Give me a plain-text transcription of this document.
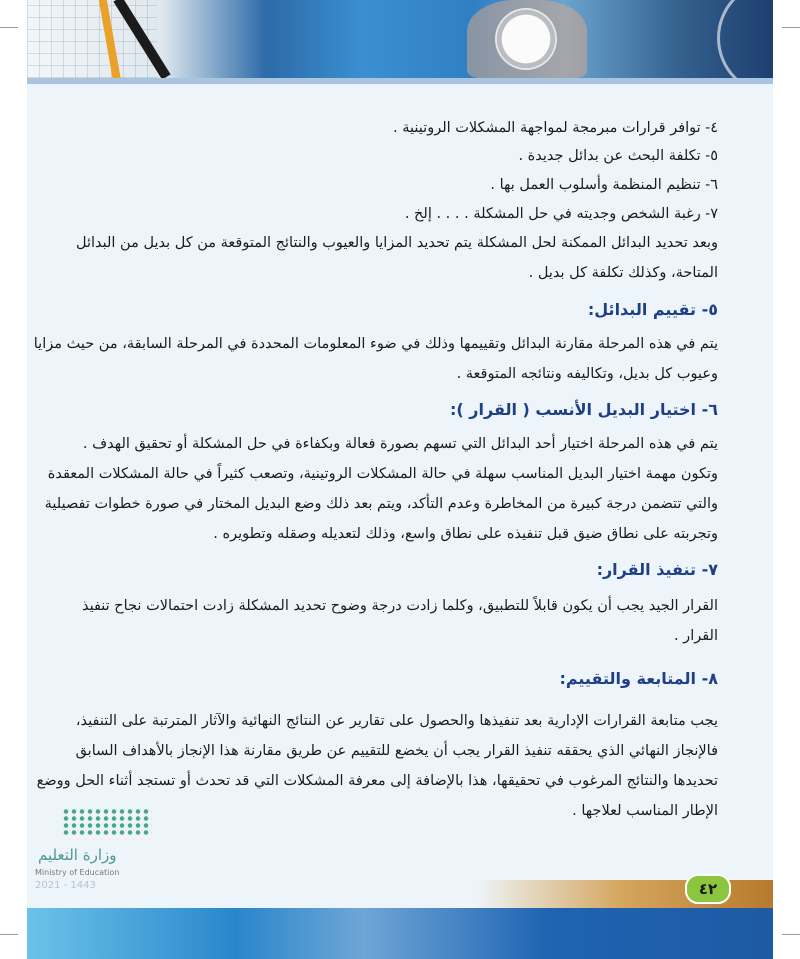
٤- توافر قرارات مبرمجة لمواجهة المشكلات الروتينية .
٥- تكلفة البحث عن بدائل جديدة .
٦- تنظيم المنظمة وأسلوب العمل بها .
٧- رغبة الشخص وجديته في حل المشكلة . . . . إلخ .
وبعد تحديد البدائل الممكنة لحل المشكلة يتم تحديد المزايا والعيوب والنتائج المتوقعة من كل بديل من البدائل
المتاحة، وكذلك تكلفة كل بديل .
٥- تقييم البدائل:
يتم في هذه المرحلة مقارنة البدائل وتقييمها وذلك في ضوء المعلومات المحددة في المرحلة السابقة، من حيث مزايا
وعيوب كل بديل، وتكاليفه ونتائجه المتوقعة .
٦- اختيار البديل الأنسب ( القرار ):
يتم في هذه المرحلة اختيار أحد البدائل التي تسهم بصورة فعالة وبكفاءة في حل المشكلة أو تحقيق الهدف .
وتكون مهمة اختيار البديل المناسب سهلة في حالة المشكلات الروتينية، وتصعب كثيراً في حالة المشكلات المعقدة
والتي تتضمن درجة كبيرة من المخاطرة وعدم التأكد، ويتم بعد ذلك وضع البديل المختار في صورة خطوات تفصيلية
وتجربته على نطاق ضيق قبل تنفيذه على نطاق واسع، وذلك لتعديله وصقله وتطويره .
٧- تنفيذ القرار:
القرار الجيد يجب أن يكون قابلاً للتطبيق، وكلما زادت درجة وضوح تحديد المشكلة زادت احتمالات نجاح تنفيذ
القرار .
٨- المتابعة والتقييم:
يجب متابعة القرارات الإدارية بعد تنفيذها والحصول على تقارير عن النتائج النهائية والآثار المترتبة على التنفيذ،
فالإنجاز النهائي الذي يحققه تنفيذ القرار يجب أن يخضع للتقييم عن طريق مقارنة هذا الإنجاز بالأهداف السابق
تحديدها والنتائج المرغوب في تحقيقها، هذا بالإضافة إلى معرفة المشكلات التي قد تحدث أو تستجد أثناء الحل ووضع
الإطار المناسب لعلاجها .
٤٢
وزارة التعليم
Ministry of Education
2021 - 1443
